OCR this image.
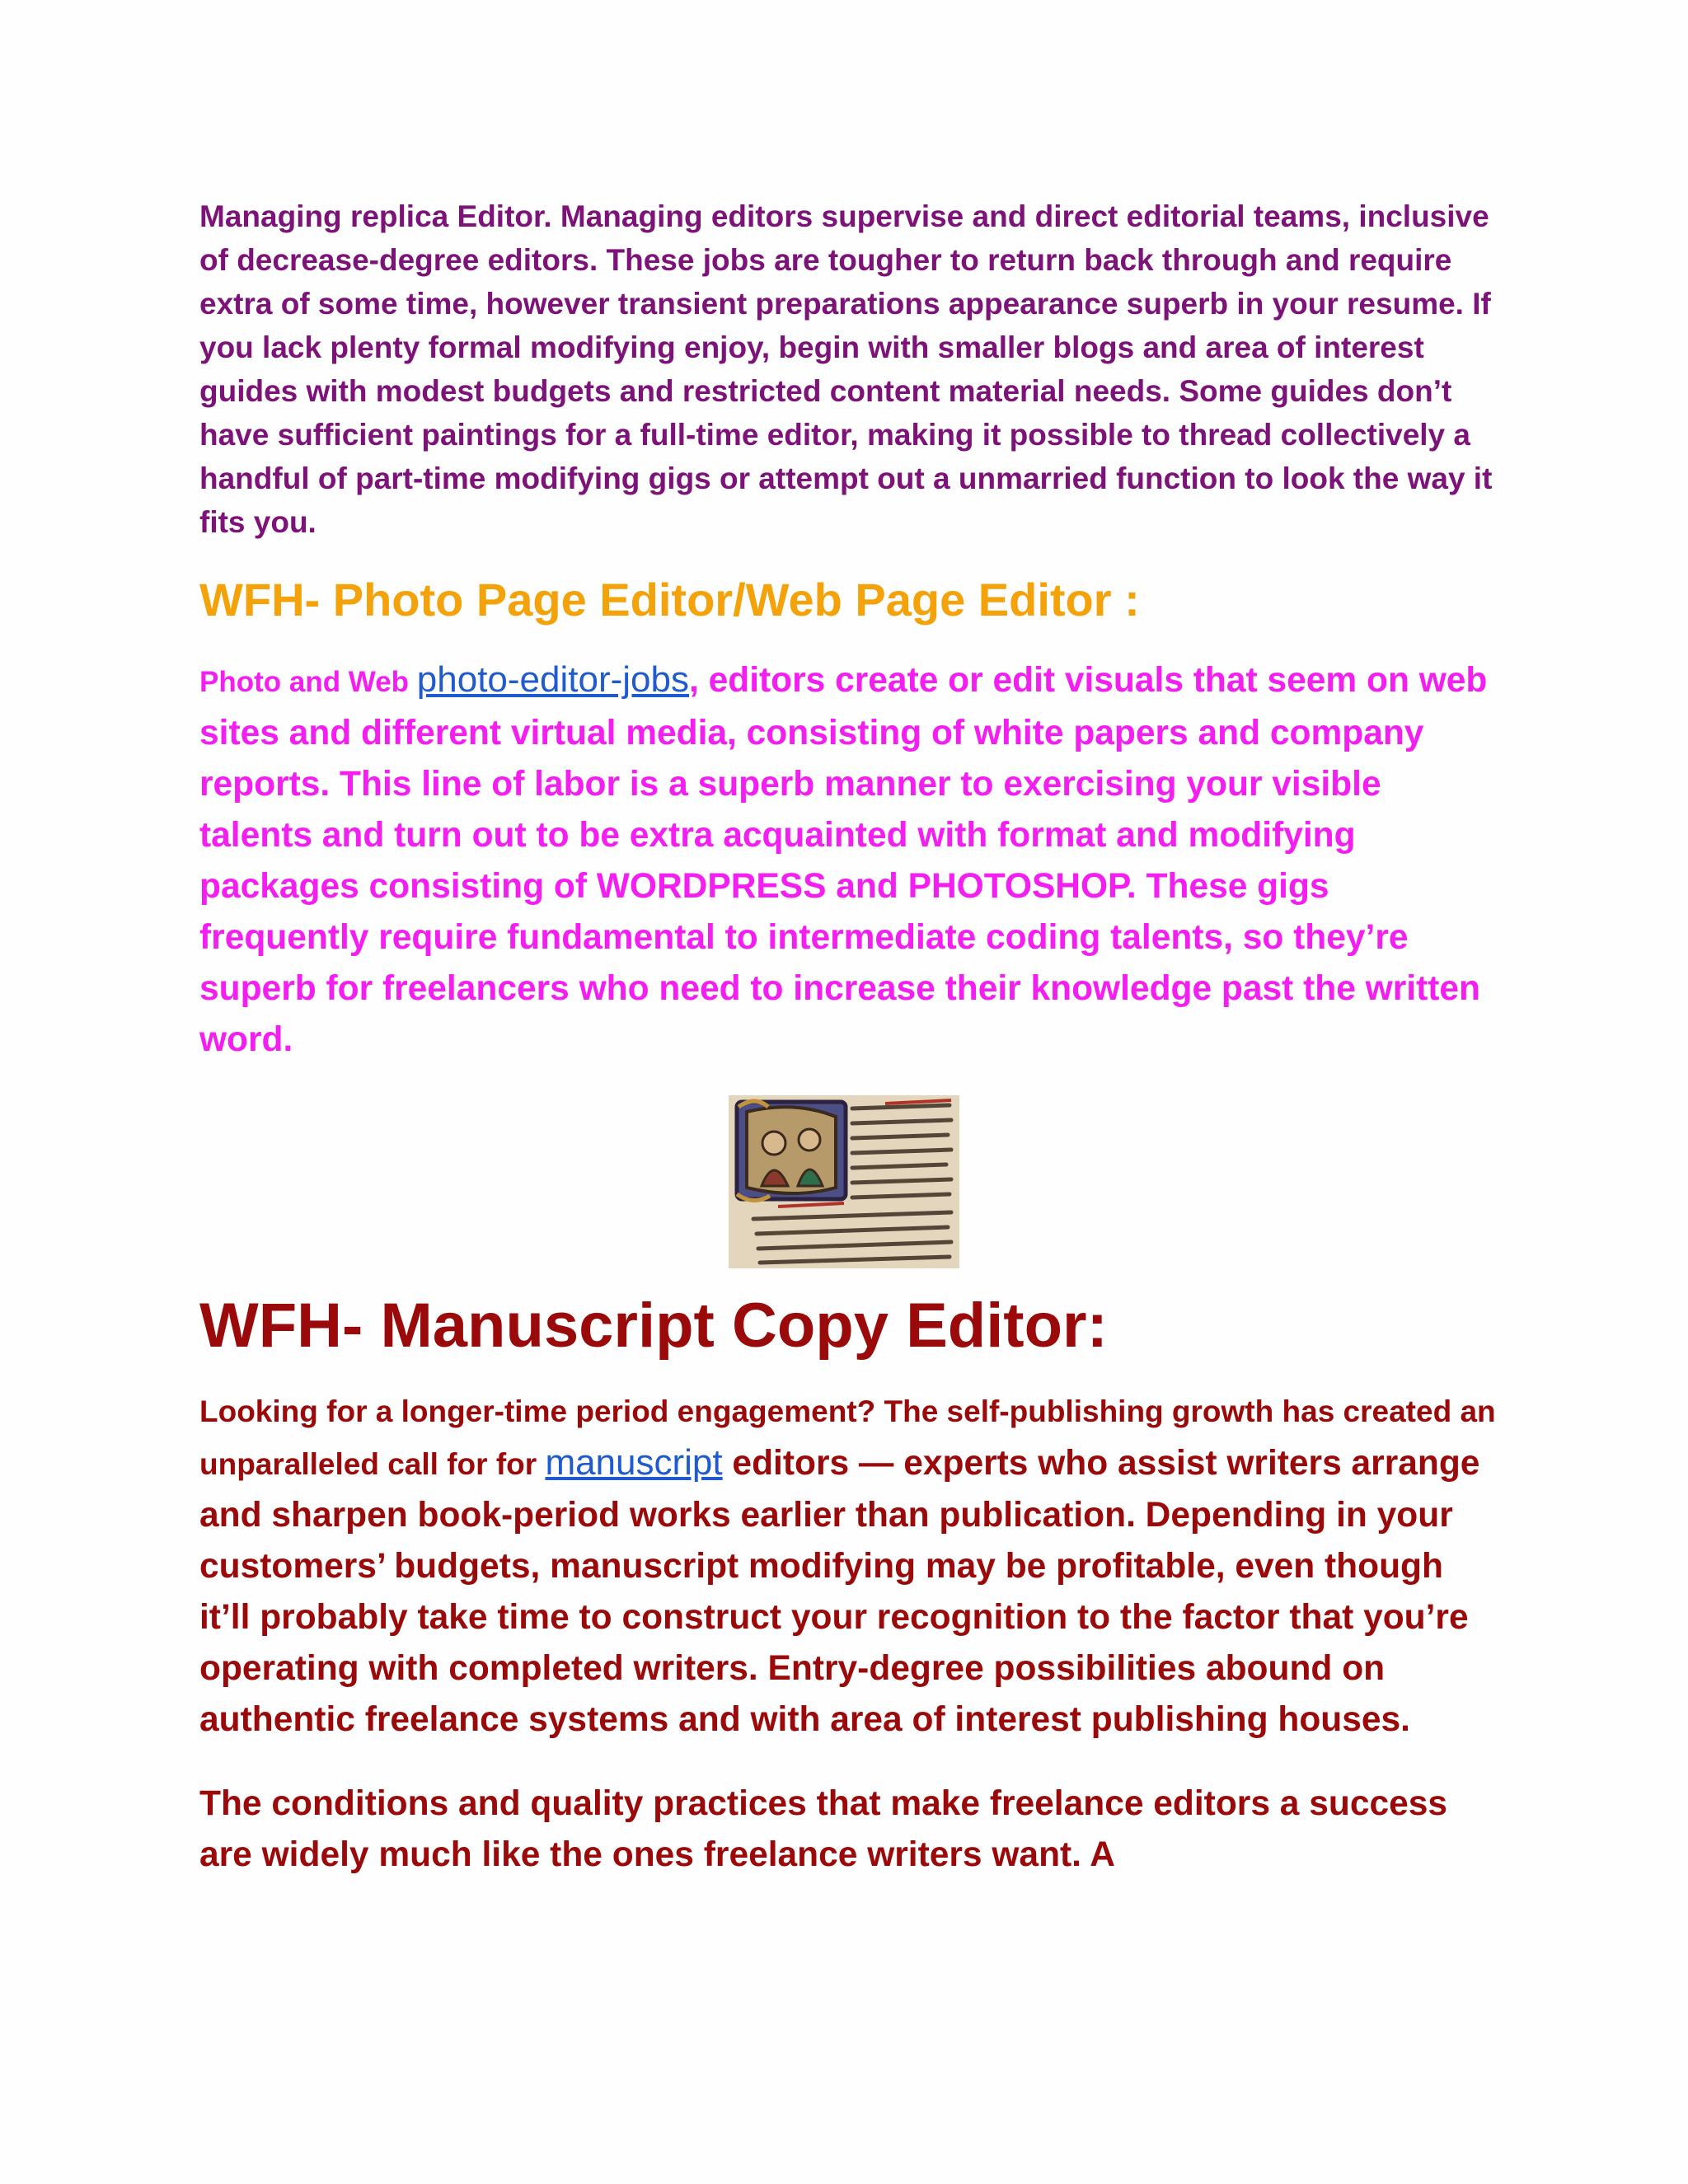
Managing replica Editor. Managing editors supervise and direct editorial teams, inclusive of decrease-degree editors. These jobs are tougher to return back through and require extra of some time, however transient preparations appearance superb in your resume. If you lack plenty formal modifying enjoy, begin with smaller blogs and area of interest guides with modest budgets and restricted content material needs. Some guides don’t have sufficient paintings for a full-time editor, making it possible to thread collectively a handful of part-time modifying gigs or attempt out a unmarried function to look the way it fits you.

WFH- Photo Page Editor/Web Page Editor :

Photo and Web photo-editor-jobs, editors create or edit visuals that seem on web sites and different virtual media, consisting of white papers and company reports. This line of labor is a superb manner to exercising your visible talents and turn out to be extra acquainted with format and modifying packages consisting of WORDPRESS and PHOTOSHOP. These gigs frequently require fundamental to intermediate coding talents, so they’re superb for freelancers who need to increase their knowledge past the written word.

WFH- Manuscript Copy Editor:

Looking for a longer-time period engagement? The self-publishing growth has created an unparalleled call for for manuscript editors — experts who assist writers arrange and sharpen book-period works earlier than publication. Depending in your customers’ budgets, manuscript modifying may be profitable, even though it’ll probably take time to construct your recognition to the factor that you’re operating with completed writers. Entry-degree possibilities abound on authentic freelance systems and with area of interest publishing houses.

The conditions and quality practices that make freelance editors a success are widely much like the ones freelance writers want. A
